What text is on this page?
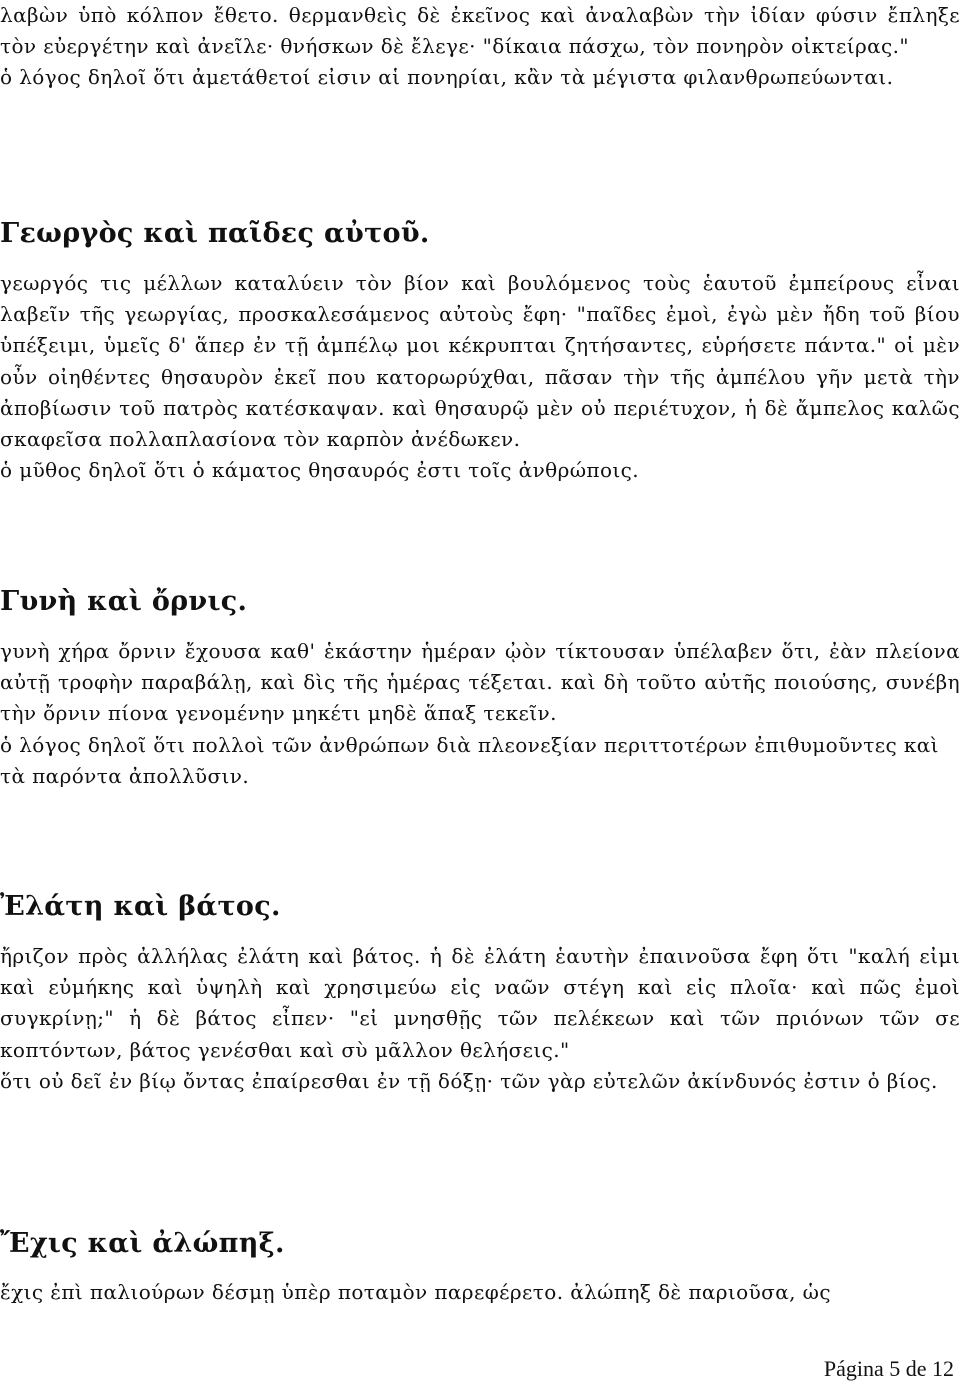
λαβὼν ὑπὸ κόλπον ἔθετο. θερμανθεὶς δὲ ἐκεῖνος καὶ ἀναλαβὼν τὴν ἰδίαν φύσιν ἔπληξε τὸν εὐεργέτην καὶ ἀνεῖλε· θνήσκων δὲ ἔλεγε· "δίκαια πάσχω, τὸν πονηρὸν οἰκτείρας."

ὁ λόγος δηλοῖ ὅτι ἀμετάθετοί εἰσιν αἱ πονηρίαι, κἂν τὰ μέγιστα φιλανθρωπεύωνται.

Γεωργὸς καὶ παῖδες αὐτοῦ.

γεωργός τις μέλλων καταλύειν τὸν βίον καὶ βουλόμενος τοὺς ἑαυτοῦ ἐμπείρους εἶναι λαβεῖν τῆς γεωργίας, προσκαλεσάμενος αὐτοὺς ἔφη· "παῖδες ἐμοὶ, ἐγὼ μὲν ἤδη τοῦ βίου ὑπέξειμι, ὑμεῖς δ' ἅπερ ἐν τῇ ἀμπέλῳ μοι κέκρυπται ζητήσαντες, εὑρήσετε πάντα." οἱ μὲν οὖν οἰηθέντες θησαυρὸν ἐκεῖ που κατορωρύχθαι, πᾶσαν τὴν τῆς ἀμπέλου γῆν μετὰ τὴν ἀποβίωσιν τοῦ πατρὸς κατέσκαψαν. καὶ θησαυρῷ μὲν οὐ περιέτυχον, ἡ δὲ ἄμπελος καλῶς σκαφεῖσα πολλαπλασίονα τὸν καρπὸν ἀνέδωκεν.

ὁ μῦθος δηλοῖ ὅτι ὁ κάματος θησαυρός ἐστι τοῖς ἀνθρώποις.

Γυνὴ καὶ ὄρνις.

γυνὴ χήρα ὄρνιν ἔχουσα καθ' ἑκάστην ἡμέραν ᾠὸν τίκτουσαν ὑπέλαβεν ὅτι, ἐὰν πλείονα αὐτῇ τροφὴν παραβάλῃ, καὶ δὶς τῆς ἡμέρας τέξεται. καὶ δὴ τοῦτο αὐτῆς ποιούσης, συνέβη τὴν ὄρνιν πίονα γενομένην μηκέτι μηδὲ ἅπαξ τεκεῖν.

ὁ λόγος δηλοῖ ὅτι πολλοὶ τῶν ἀνθρώπων διὰ πλεονεξίαν περιττοτέρων ἐπιθυμοῦντες καὶ τὰ παρόντα ἀπολλῦσιν.

Ἐλάτη καὶ βάτος.

ἤριζον πρὸς ἀλλήλας ἐλάτη καὶ βάτος. ἡ δὲ ἐλάτη ἑαυτὴν ἐπαινοῦσα ἔφη ὅτι "καλή εἰμι καὶ εὐμήκης καὶ ὑψηλὴ καὶ χρησιμεύω εἰς ναῶν στέγη καὶ εἰς πλοῖα· καὶ πῶς ἐμοὶ συγκρίνῃ;" ἡ δὲ βάτος εἶπεν· "εἰ μνησθῇς τῶν πελέκεων καὶ τῶν πριόνων τῶν σε κοπτόντων, βάτος γενέσθαι καὶ σὺ μᾶλλον θελήσεις."

ὅτι οὐ δεῖ ἐν βίῳ ὄντας ἐπαίρεσθαι ἐν τῇ δόξῃ· τῶν γὰρ εὐτελῶν ἀκίνδυνός ἐστιν ὁ βίος.

Ἔχις καὶ ἀλώπηξ.

ἔχις ἐπὶ παλιούρων δέσμῃ ὑπὲρ ποταμὸν παρεφέρετο. ἀλώπηξ δὲ παριοῦσα, ὡς

Página 5 de 12
